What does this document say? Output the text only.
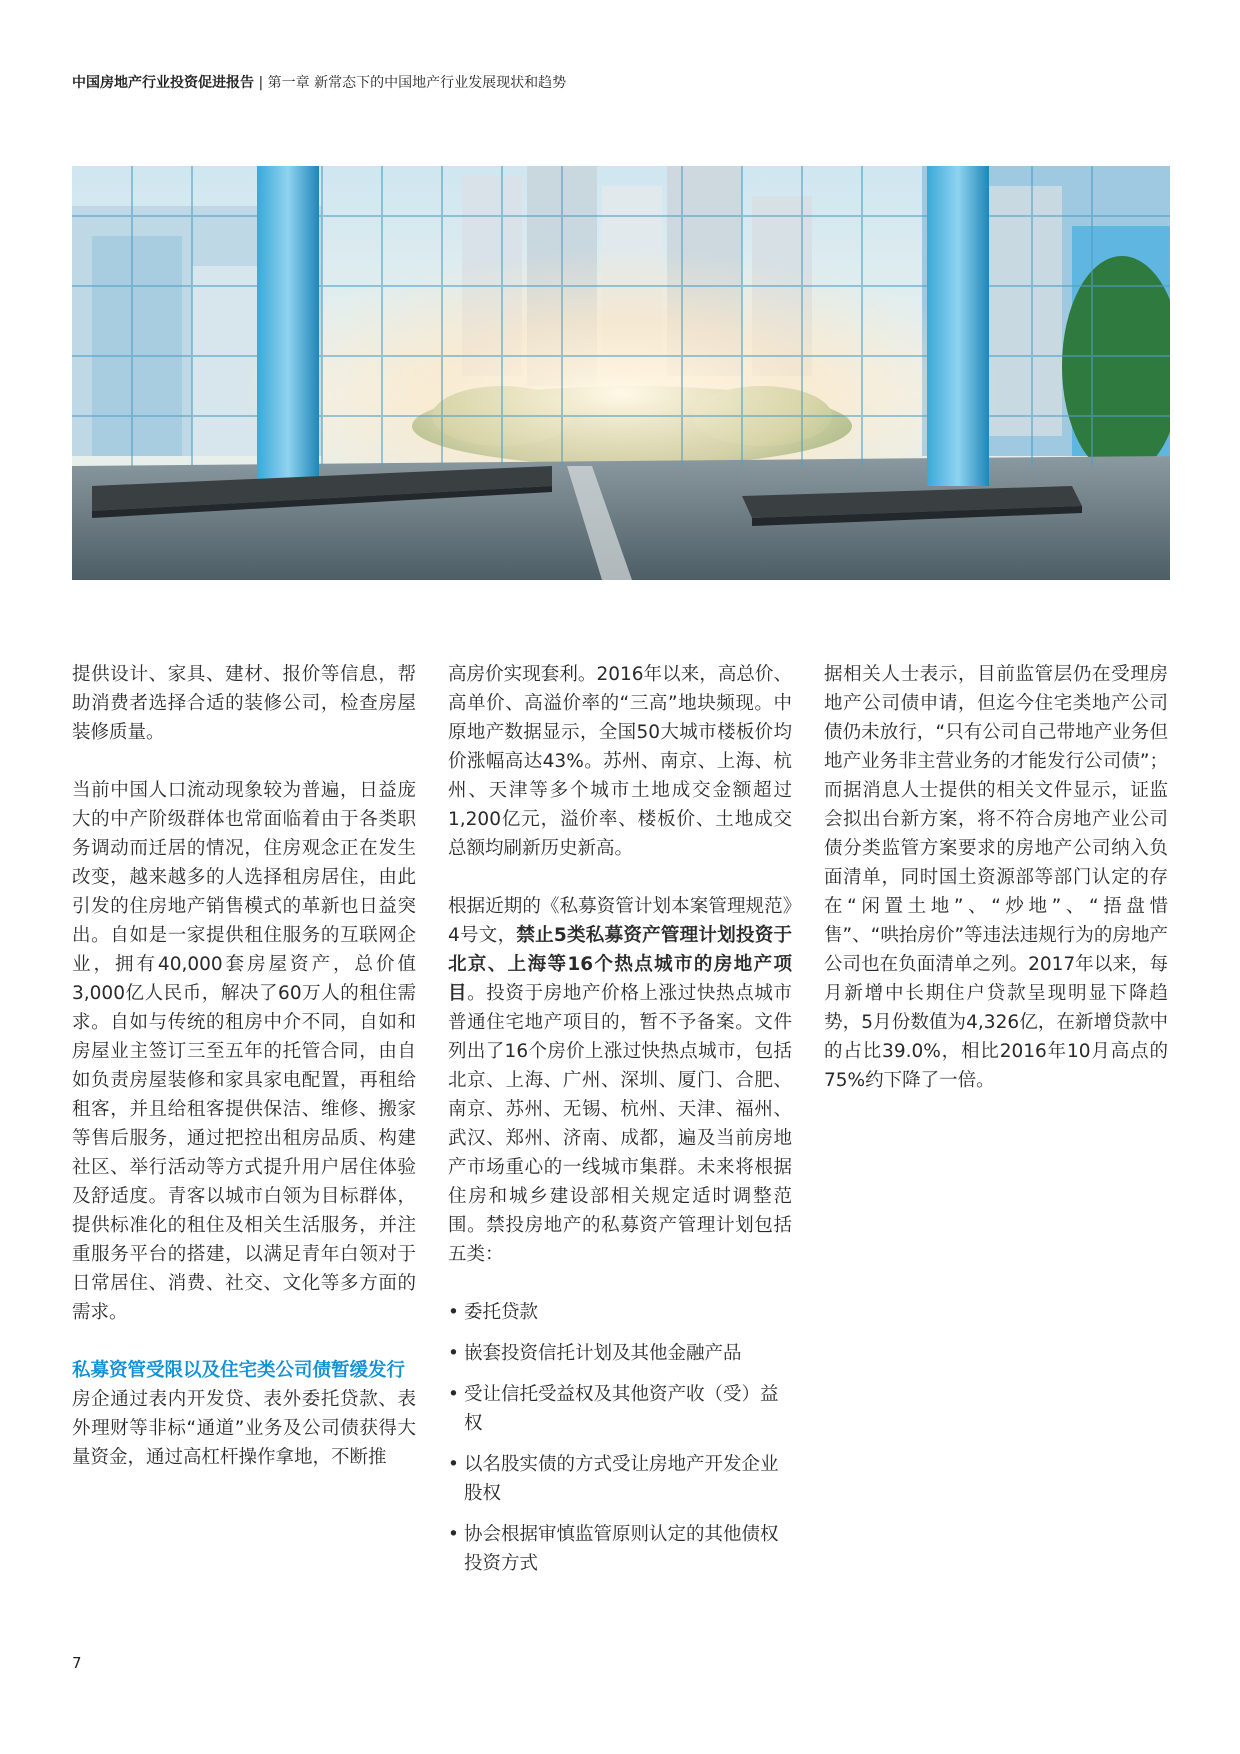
中国房地产行业投资促进报告 | 第一章 新常态下的中国地产行业发展现状和趋势

提供设计、家具、建材、报价等信息，帮助消费者选择合适的装修公司，检查房屋装修质量。

当前中国人口流动现象较为普遍，日益庞大的中产阶级群体也常面临着由于各类职务调动而迁居的情况，住房观念正在发生改变，越来越多的人选择租房居住，由此引发的住房地产销售模式的革新也日益突出。自如是一家提供租住服务的互联网企业，拥有40,000套房屋资产，总价值3,000亿人民币，解决了60万人的租住需求。自如与传统的租房中介不同，自如和房屋业主签订三至五年的托管合同，由自如负责房屋装修和家具家电配置，再租给租客，并且给租客提供保洁、维修、搬家等售后服务，通过把控出租房品质、构建社区、举行活动等方式提升用户居住体验及舒适度。青客以城市白领为目标群体，提供标准化的租住及相关生活服务，并注重服务平台的搭建，以满足青年白领对于日常居住、消费、社交、文化等多方面的需求。

私募资管受限以及住宅类公司债暂缓发行

房企通过表内开发贷、表外委托贷款、表外理财等非标“通道”业务及公司债获得大量资金，通过高杠杆操作拿地，不断推

高房价实现套利。2016年以来，高总价、高单价、高溢价率的“三高”地块频现。中原地产数据显示，全国50大城市楼板价均价涨幅高达43%。苏州、南京、上海、杭州、天津等多个城市土地成交金额超过1,200亿元，溢价率、楼板价、土地成交总额均刷新历史新高。

根据近期的《私募资管计划本案管理规范》4号文，禁止5类私募资产管理计划投资于北京、上海等16个热点城市的房地产项目。投资于房地产价格上涨过快热点城市普通住宅地产项目的，暂不予备案。文件列出了16个房价上涨过快热点城市，包括北京、上海、广州、深圳、厦门、合肥、南京、苏州、无锡、杭州、天津、福州、武汉、郑州、济南、成都，遍及当前房地产市场重心的一线城市集群。未来将根据住房和城乡建设部相关规定适时调整范围。禁投房地产的私募资产管理计划包括五类：

• 委托贷款
• 嵌套投资信托计划及其他金融产品
• 受让信托受益权及其他资产收（受）益权
• 以名股实债的方式受让房地产开发企业股权
• 协会根据审慎监管原则认定的其他债权投资方式

据相关人士表示，目前监管层仍在受理房地产公司债申请，但迄今住宅类地产公司债仍未放行，“只有公司自己带地产业务但地产业务非主营业务的才能发行公司债”；而据消息人士提供的相关文件显示，证监会拟出台新方案，将不符合房地产业公司债分类监管方案要求的房地产公司纳入负面清单，同时国土资源部等部门认定的存在“闲置土地”、“炒地”、“捂盘惜售”、“哄抬房价”等违法违规行为的房地产公司也在负面清单之列。2017年以来，每月新增中长期住户贷款呈现明显下降趋势，5月份数值为4,326亿，在新增贷款中的占比39.0%，相比2016年10月高点的75%约下降了一倍。

7
